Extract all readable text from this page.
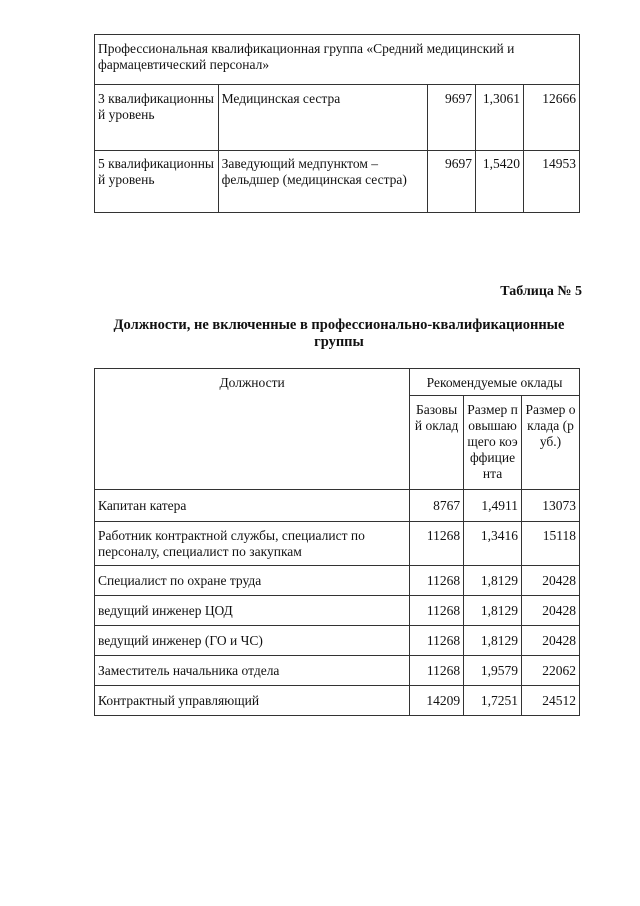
Профессиональная квалификационная группа «Средний медицинский и фармацевтический персонал»				
3 квалификационный уровень	Медицинская сестра	9697	1,3061	12666
5 квалификационный уровень	Заведующий медпунктом – фельдшер (медицинская сестра)	9697	1,5420	14953
Таблица № 5
Должности, не включенные в профессионально-квалификационные группы
Должности	Рекомендуемые оклады		
	Базовый оклад	Размер повышающего коэффициента	Размер оклада (руб.)
Капитан катера	8767	1,4911	13073
Работник контрактной службы, специалист по персоналу, специалист по закупкам	11268	1,3416	15118
Специалист по охране труда	11268	1,8129	20428
ведущий инженер ЦОД	11268	1,8129	20428
ведущий инженер (ГО и ЧС)	11268	1,8129	20428
Заместитель начальника отдела	11268	1,9579	22062
Контрактный управляющий	14209	1,7251	24512
